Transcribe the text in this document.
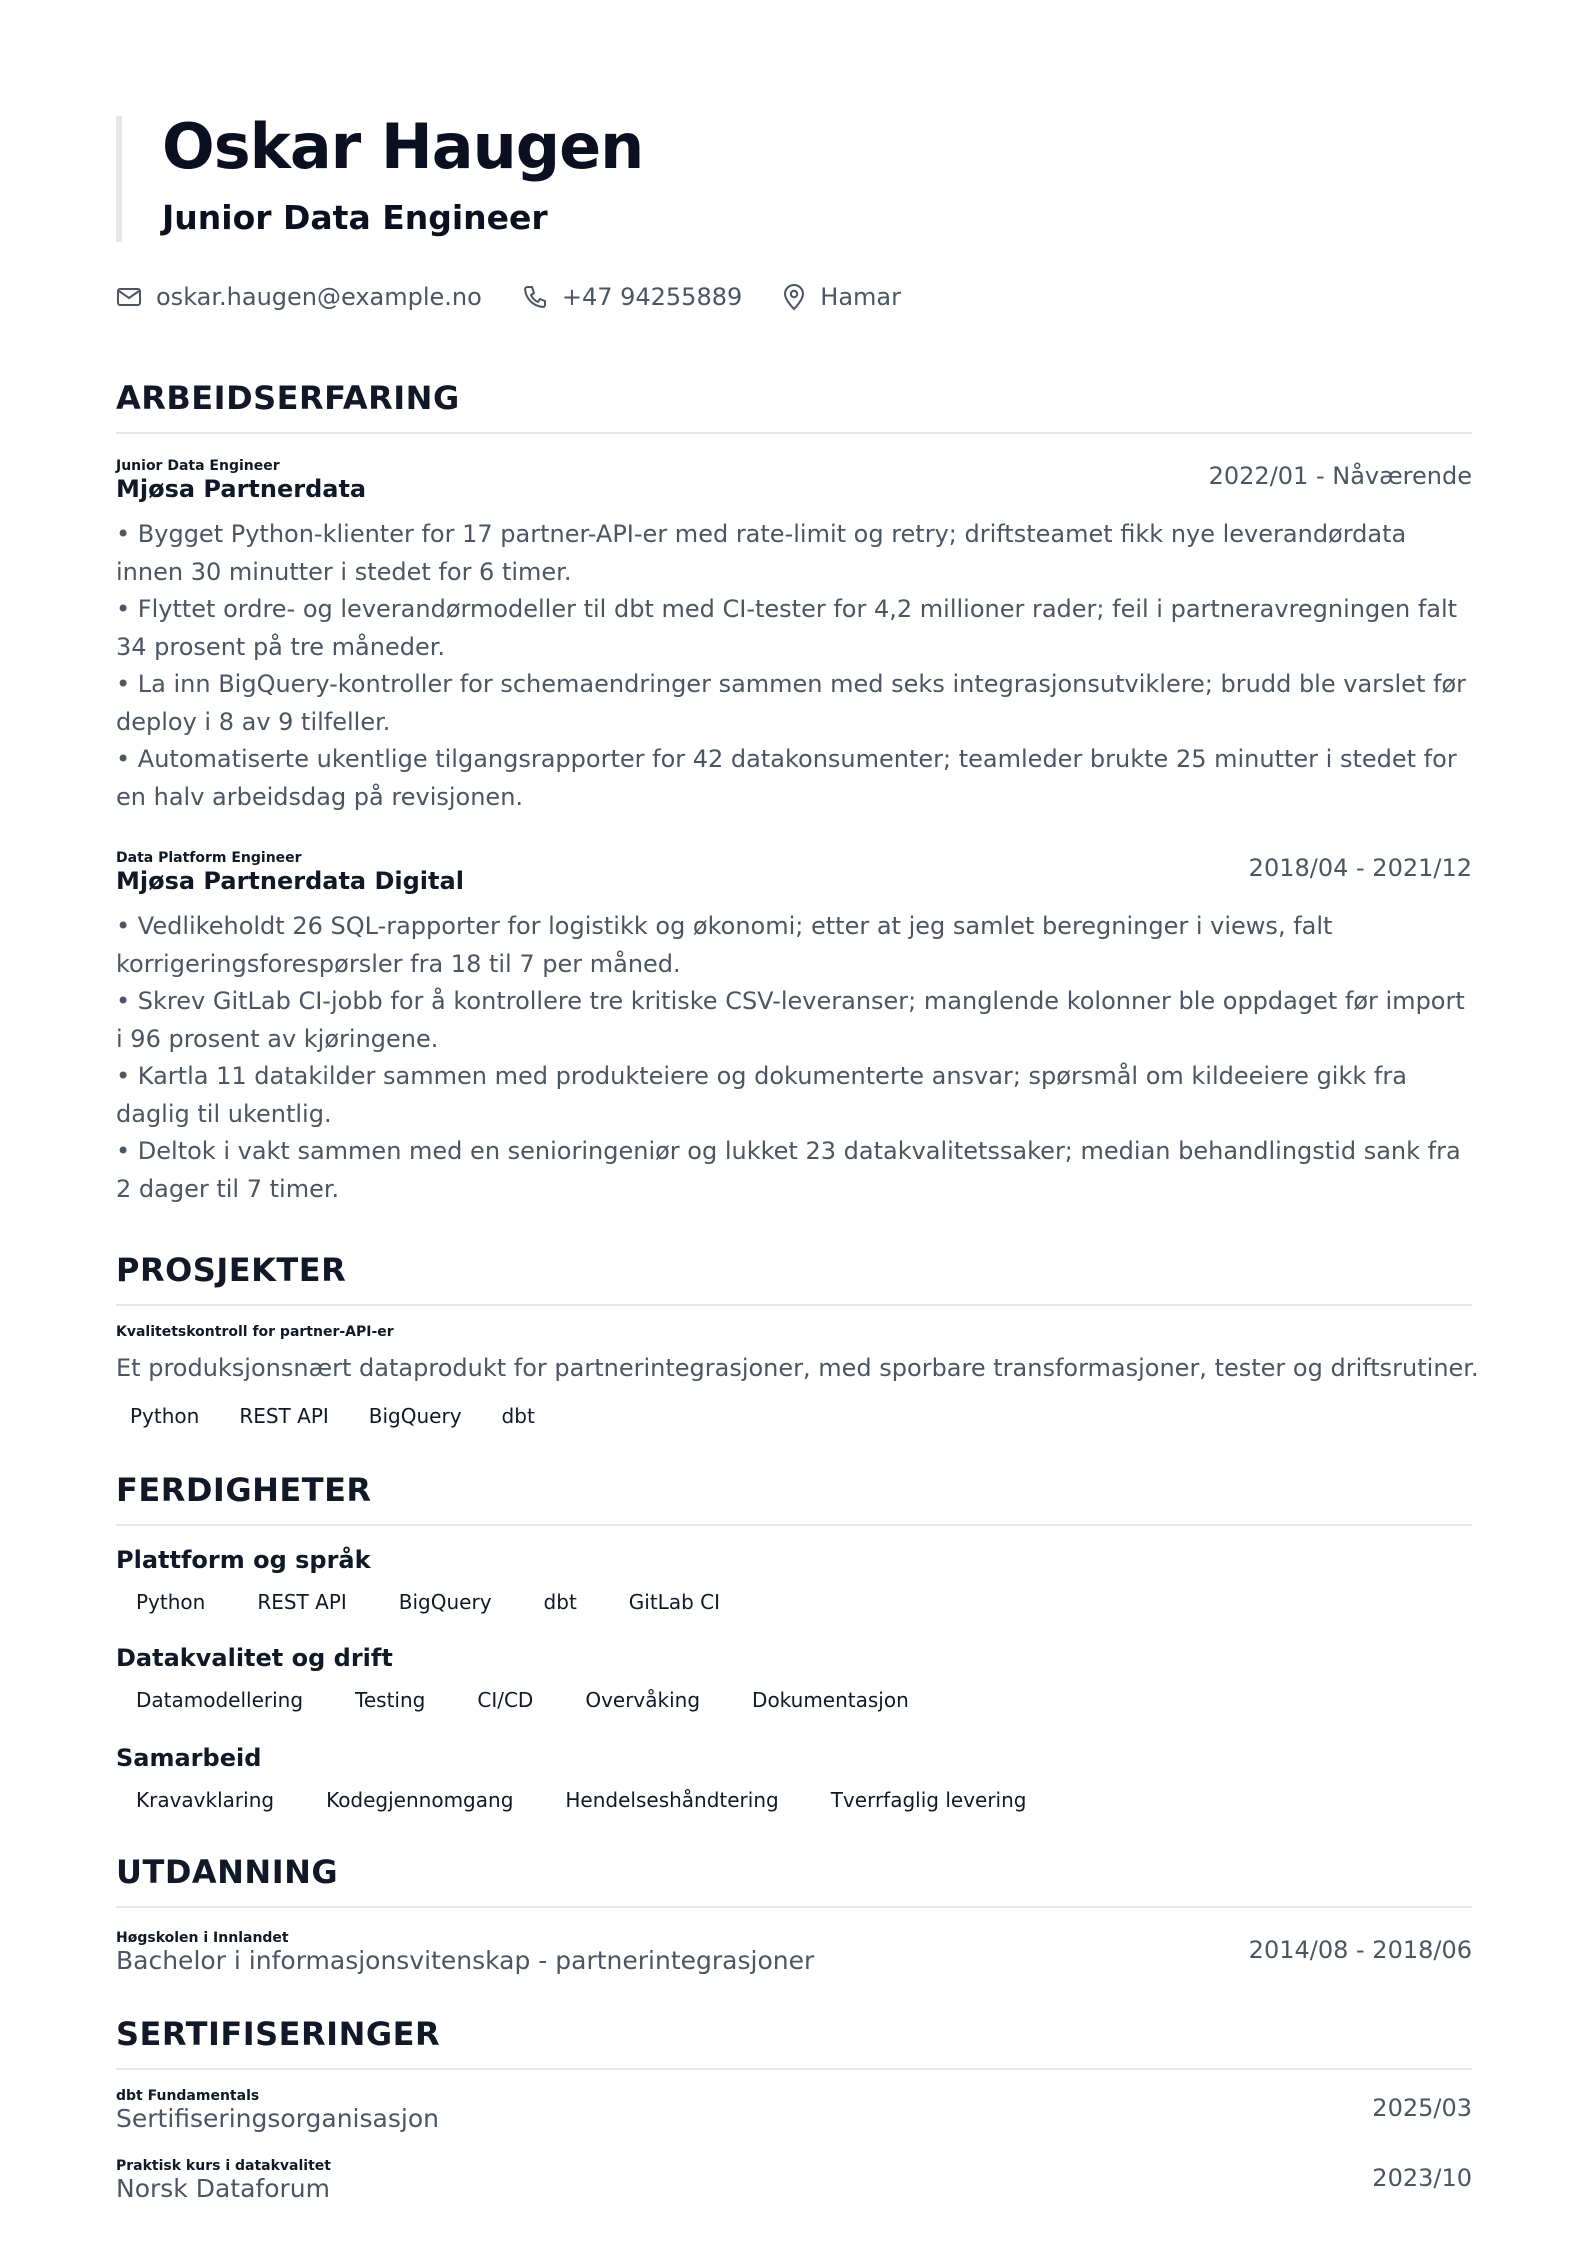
Oskar Haugen
Junior Data Engineer
oskar.haugen@example.no	+47 94255889	Hamar
ARBEIDSERFARING
Junior Data Engineer
Mjøsa Partnerdata	2022/01 - Nåværende
• Bygget Python-klienter for 17 partner-API-er med rate-limit og retry; driftsteamet fikk nye leverandørdata innen 30 minutter i stedet for 6 timer.
• Flyttet ordre- og leverandørmodeller til dbt med CI-tester for 4,2 millioner rader; feil i partneravregningen falt 34 prosent på tre måneder.
• La inn BigQuery-kontroller for schemaendringer sammen med seks integrasjonsutviklere; brudd ble varslet før deploy i 8 av 9 tilfeller.
• Automatiserte ukentlige tilgangsrapporter for 42 datakonsumenter; teamleder brukte 25 minutter i stedet for en halv arbeidsdag på revisjonen.
Data Platform Engineer
Mjøsa Partnerdata Digital	2018/04 - 2021/12
• Vedlikeholdt 26 SQL-rapporter for logistikk og økonomi; etter at jeg samlet beregninger i views, falt korrigeringsforespørsler fra 18 til 7 per måned.
• Skrev GitLab CI-jobb for å kontrollere tre kritiske CSV-leveranser; manglende kolonner ble oppdaget før import i 96 prosent av kjøringene.
• Kartla 11 datakilder sammen med produkteiere og dokumenterte ansvar; spørsmål om kildeeiere gikk fra daglig til ukentlig.
• Deltok i vakt sammen med en senioringeniør og lukket 23 datakvalitetssaker; median behandlingstid sank fra 2 dager til 7 timer.
PROSJEKTER
Kvalitetskontroll for partner-API-er
Et produksjonsnært dataprodukt for partnerintegrasjoner, med sporbare transformasjoner, tester og driftsrutiner.
Python REST API BigQuery dbt
FERDIGHETER
Plattform og språk
Python	REST API	BigQuery	dbt	GitLab CI
Datakvalitet og drift
Datamodellering	Testing	CI/CD	Overvåking	Dokumentasjon
Samarbeid
Kravavklaring	Kodegjennomgang	Hendelseshåndtering	Tverrfaglig levering
UTDANNING
Høgskolen i Innlandet
Bachelor i informasjonsvitenskap - partnerintegrasjoner	2014/08 - 2018/06
SERTIFISERINGER
dbt Fundamentals
Sertifiseringsorganisasjon	2025/03
Praktisk kurs i datakvalitet
Norsk Dataforum	2023/10
